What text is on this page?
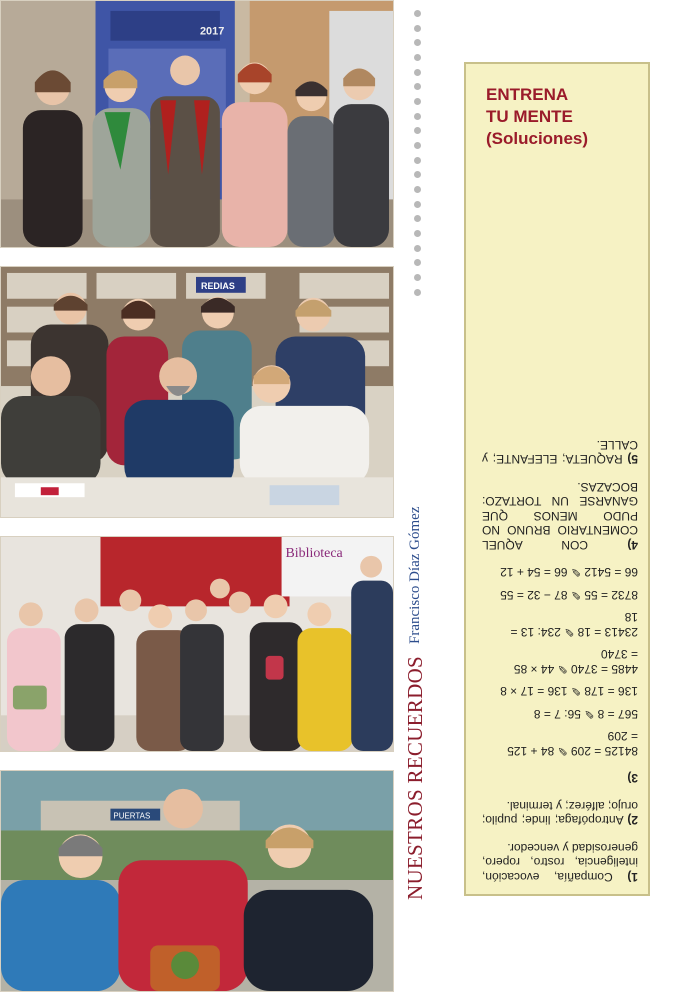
2017
REDIAS
Biblioteca
PUERTAS	NUESTROS RECUERDOS
Francisco Díaz Gómez
ENTRENA
TU MENTE
(Soluciones)

1) Compañía, evocación, inteligencia, rostro, ropero, generosidad y vencedor.

2) Antropófaga; linde; pupilo; orujo; alférez; y terminal.

3)

84125 = 209 ✎ 84 + 125
= 209
567 = 8 ✎ 56: 7 = 8
136 = 178 ✎ 136 = 17 × 8
4485 = 3740 ✎ 44 × 85
= 3740
23413 = 18 ✎ 234: 13 =
18
8732 = 55 ✎ 87 − 32 = 55
66 = 5412 ✎ 66 = 54 + 12

4) CON AQUEL COMENTARIO BRUNO NO PUDO MENOS QUE GANARSE UN TORTAZO: BOCAZAS.

5) RAQUETA; ELEFANTE; y CALLE.
